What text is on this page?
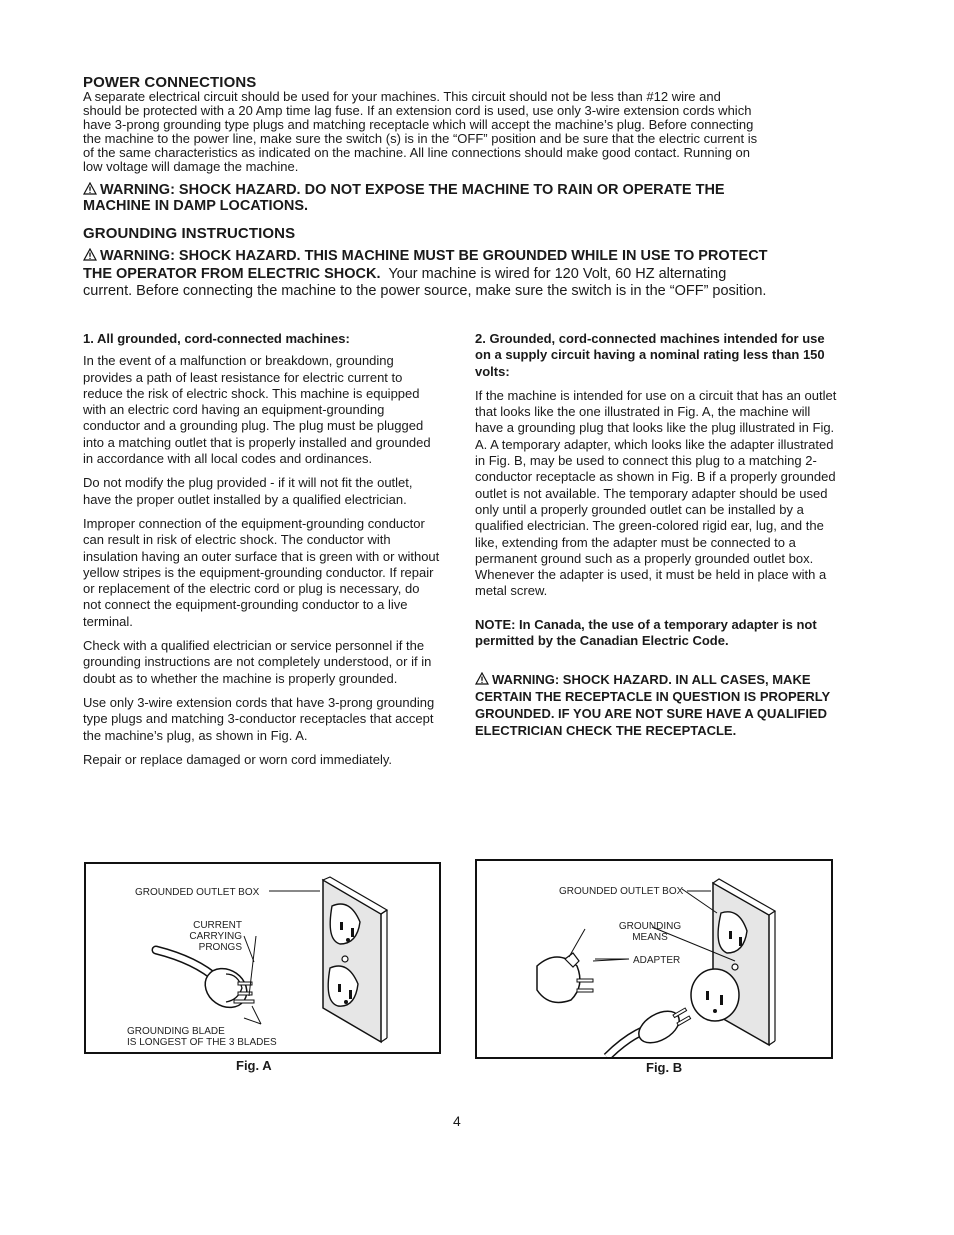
POWER CONNECTIONS
A separate electrical circuit should be used for your machines. This circuit should not be less than #12 wire and
should be protected with a 20 Amp time lag fuse. If an extension cord is used, use only 3-wire extension cords which
have 3-prong grounding type plugs and matching receptacle which will accept the machine’s plug. Before connecting
the machine to the power line, make sure the switch (s) is in the “OFF” position and be sure that the electric current is
of the same characteristics as indicated on the machine. All line connections should make good contact. Running on
low voltage will damage the machine.
WARNING: SHOCK HAZARD. DO NOT EXPOSE THE MACHINE TO RAIN OR OPERATE THE
MACHINE IN DAMP LOCATIONS.
GROUNDING INSTRUCTIONS
WARNING: SHOCK HAZARD. THIS MACHINE MUST BE GROUNDED WHILE IN USE TO PROTECT
THE OPERATOR FROM ELECTRIC SHOCK.  Your machine is wired for 120 Volt, 60 HZ alternating
current. Before connecting the machine to the power source, make sure the switch is in the “OFF” position.

1. All grounded, cord-connected machines:

In the event of a malfunction or breakdown, grounding provides a path of least resistance for electric current to reduce the risk of electric shock. This machine is equipped with an electric cord having an equipment-grounding conductor and a grounding plug. The plug must be plugged into a matching outlet that is properly installed and grounded in accordance with all local codes and ordinances.

Do not modify the plug provided - if it will not fit the outlet, have the proper outlet installed by a qualified electrician.

Improper connection of the equipment-grounding conductor can result in risk of electric shock. The conductor with insulation having an outer surface that is green with or without yellow stripes is the equipment-grounding conductor. If repair or replacement of the electric cord or plug is necessary, do not connect the equipment-grounding conductor to a live terminal.

Check with a qualified electrician or service personnel if the grounding instructions are not completely understood, or if in doubt as to whether the machine is properly grounded.

Use only 3-wire extension cords that have 3-prong grounding type plugs and matching 3-conductor receptacles that accept the machine’s plug, as shown in Fig. A.

Repair or replace damaged or worn cord immediately.

2. Grounded, cord-connected machines intended for use on a supply circuit having a nominal rating less than 150 volts:

If the machine is intended for use on a circuit that has an outlet that looks like the one illustrated in Fig. A, the machine will have a grounding plug that looks like the plug illustrated in Fig. A. A temporary adapter, which looks like the adapter illustrated in Fig. B, may be used to connect this plug to a matching 2-conductor receptacle as shown in Fig. B if a properly grounded outlet is not available. The temporary adapter should be used only until a properly grounded outlet can be installed by a qualified electrician. The green-colored rigid ear, lug, and the like, extending from the adapter must be connected to a permanent ground such as a properly grounded outlet box. Whenever the adapter is used, it must be held in place with a metal screw.

NOTE: In Canada, the use of a temporary adapter is not permitted by the Canadian Electric Code.

WARNING: SHOCK HAZARD. IN ALL CASES, MAKE CERTAIN THE RECEPTACLE IN QUESTION IS PROPERLY GROUNDED. IF YOU ARE NOT SURE HAVE A QUALIFIED ELECTRICIAN CHECK THE RECEPTACLE.

GROUNDED OUTLET BOX
CURRENT
CARRYING
PRONGS
GROUNDING BLADE
IS LONGEST OF THE 3 BLADES
Fig. A
GROUNDED OUTLET BOX
GROUNDING
MEANS
ADAPTER
Fig. B
4
